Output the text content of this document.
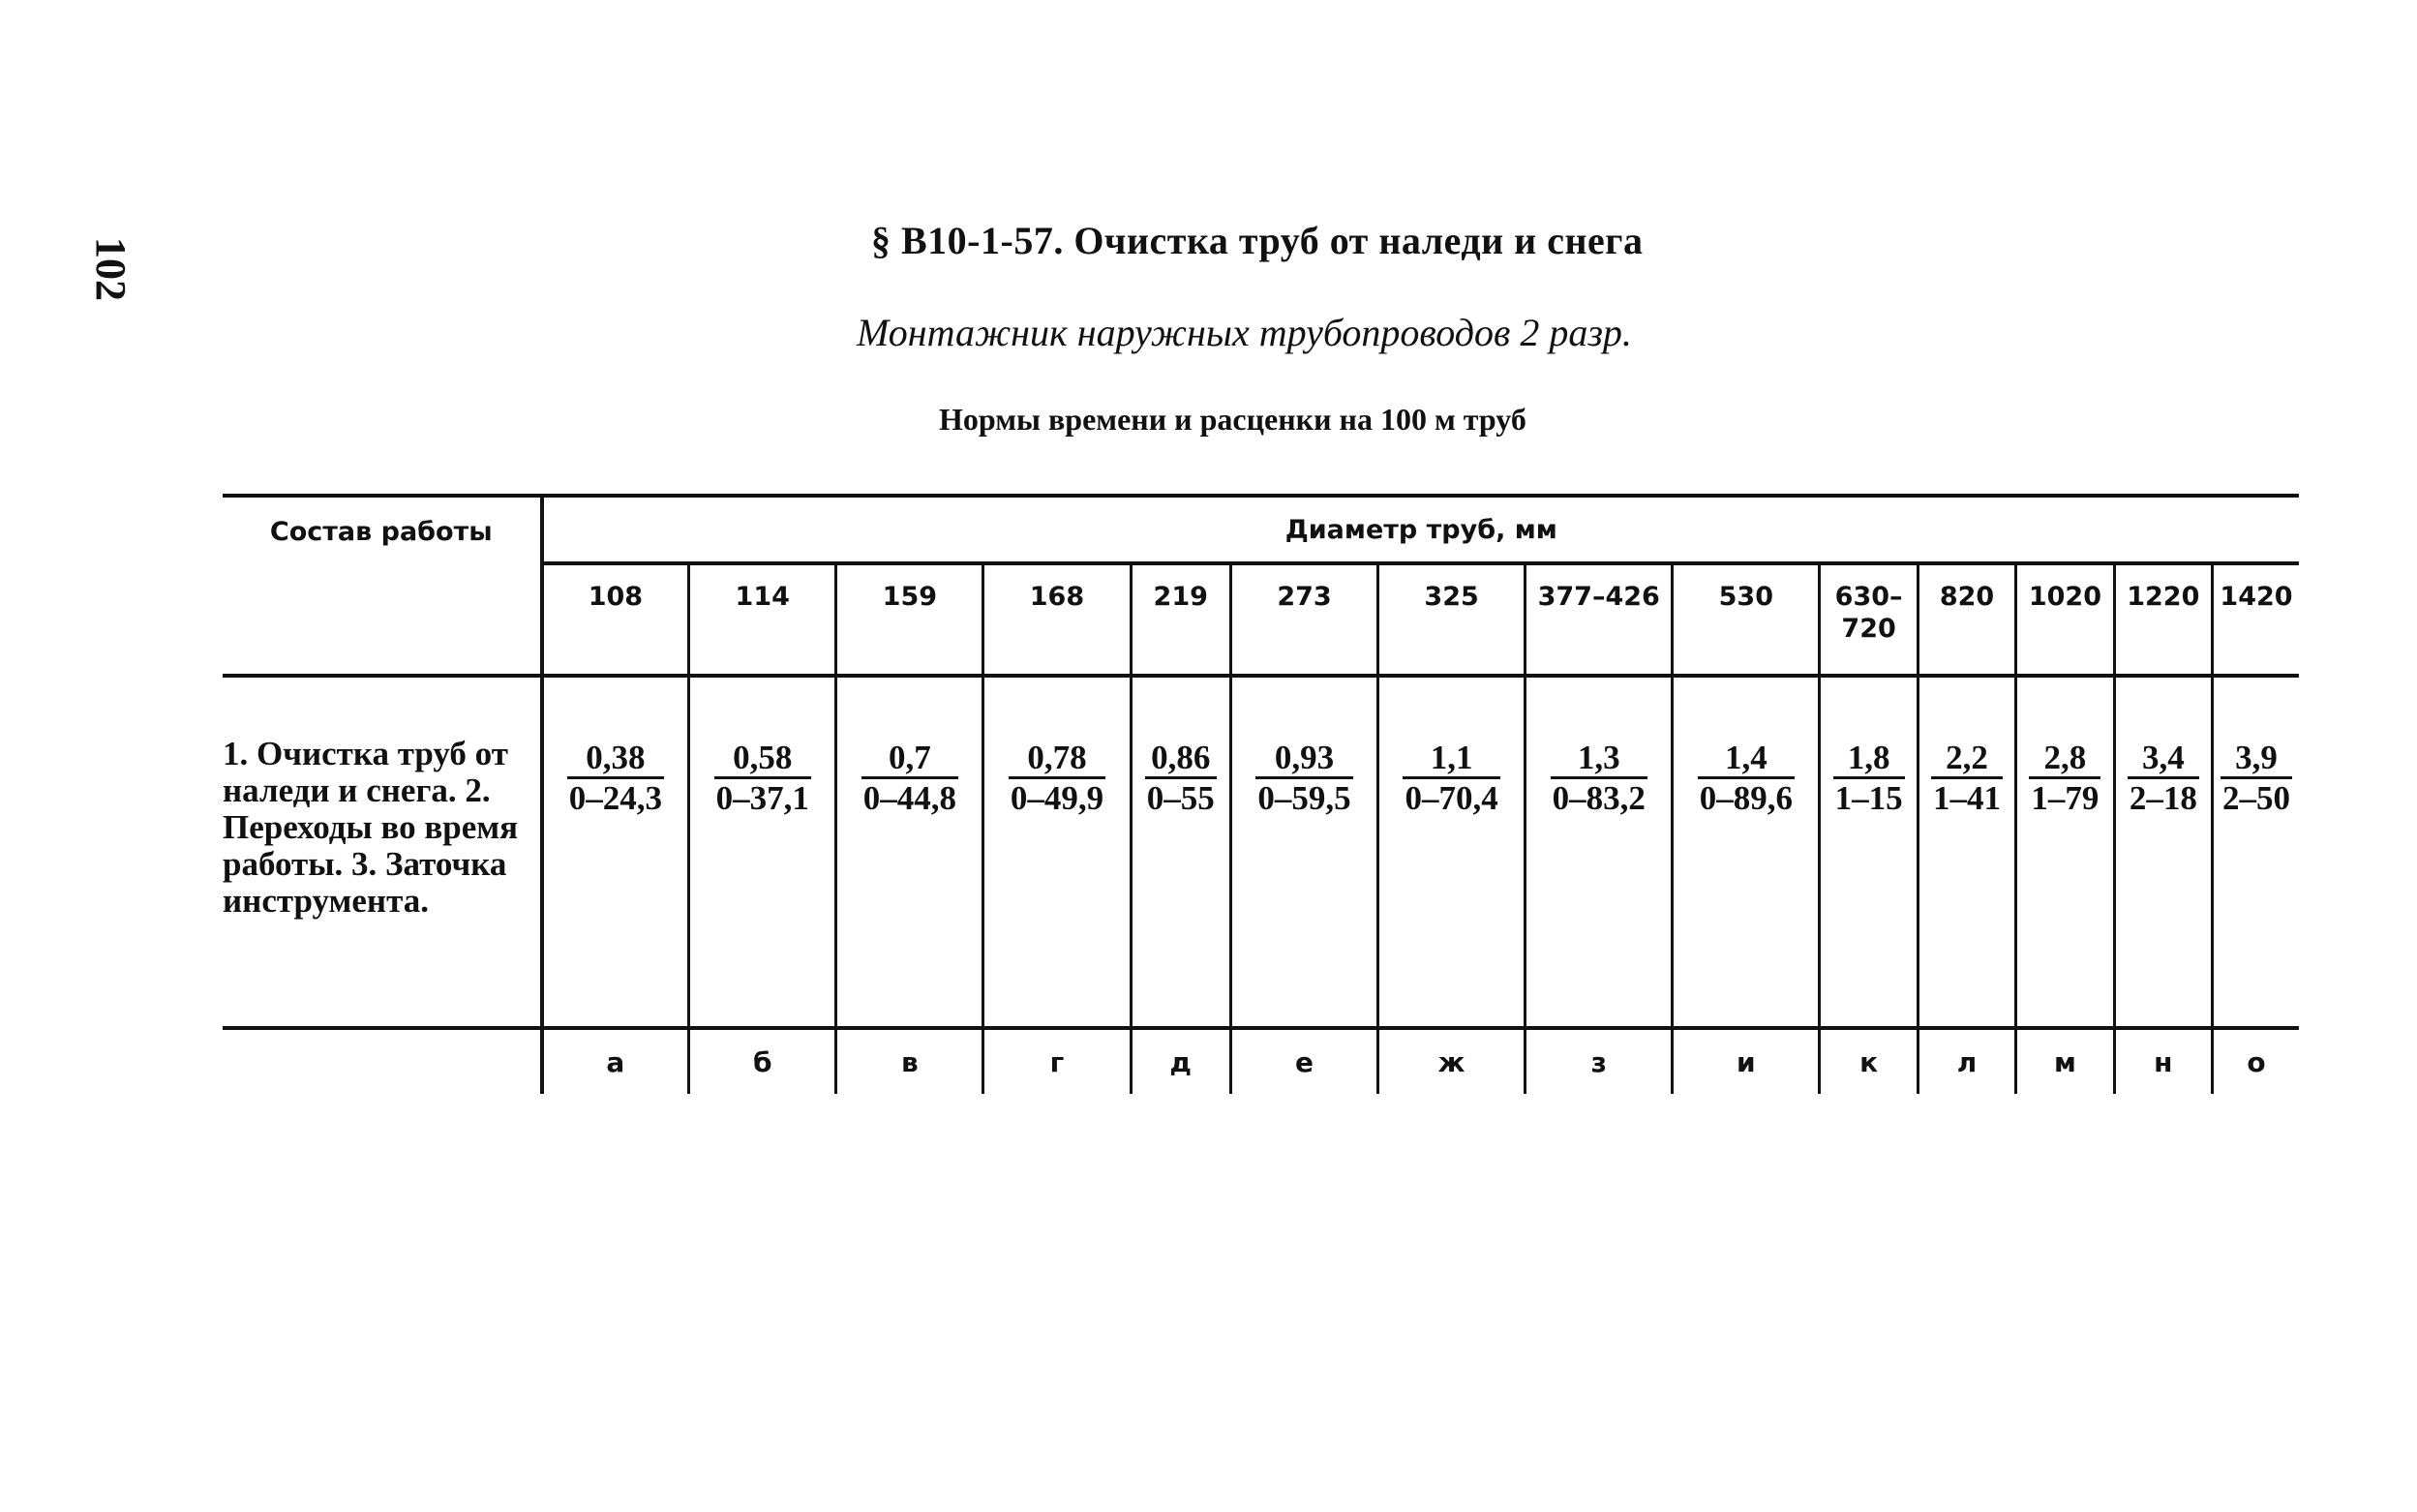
102	§ В10-1-57. Очистка труб от наледи и снега
Монтажник наружных трубопроводов 2 разр.
Нормы времени и расценки на 100 м труб
Состав работы	Диаметр труб, мм													
	108	114	159	168	219	273	325	377–426	530	630–720	820	1020	1220	1420
1. Очистка труб от наледи и снега. 2. Переходы во время работы. 3. Заточка инструмента.	$\frac{0,38}{0-24,3}$	$\frac{0,58}{0-37,1}$	$\frac{0,7}{0-44,8}$	$\frac{0,78}{0-49,9}$	$\frac{0,86}{0-55}$	$\frac{0,93}{0-59,5}$	$\frac{1,1}{0-70,4}$	$\frac{1,3}{0-83,2}$	$\frac{1,4}{0-89,6}$	$\frac{1,8}{1-15}$	$\frac{2,2}{1-41}$	$\frac{2,8}{1-79}$	$\frac{3,4}{2-18}$	$\frac{3,9}{2-50}$

	а	б	в	г	д	е	ж	з	и	к	л	м	н	о
